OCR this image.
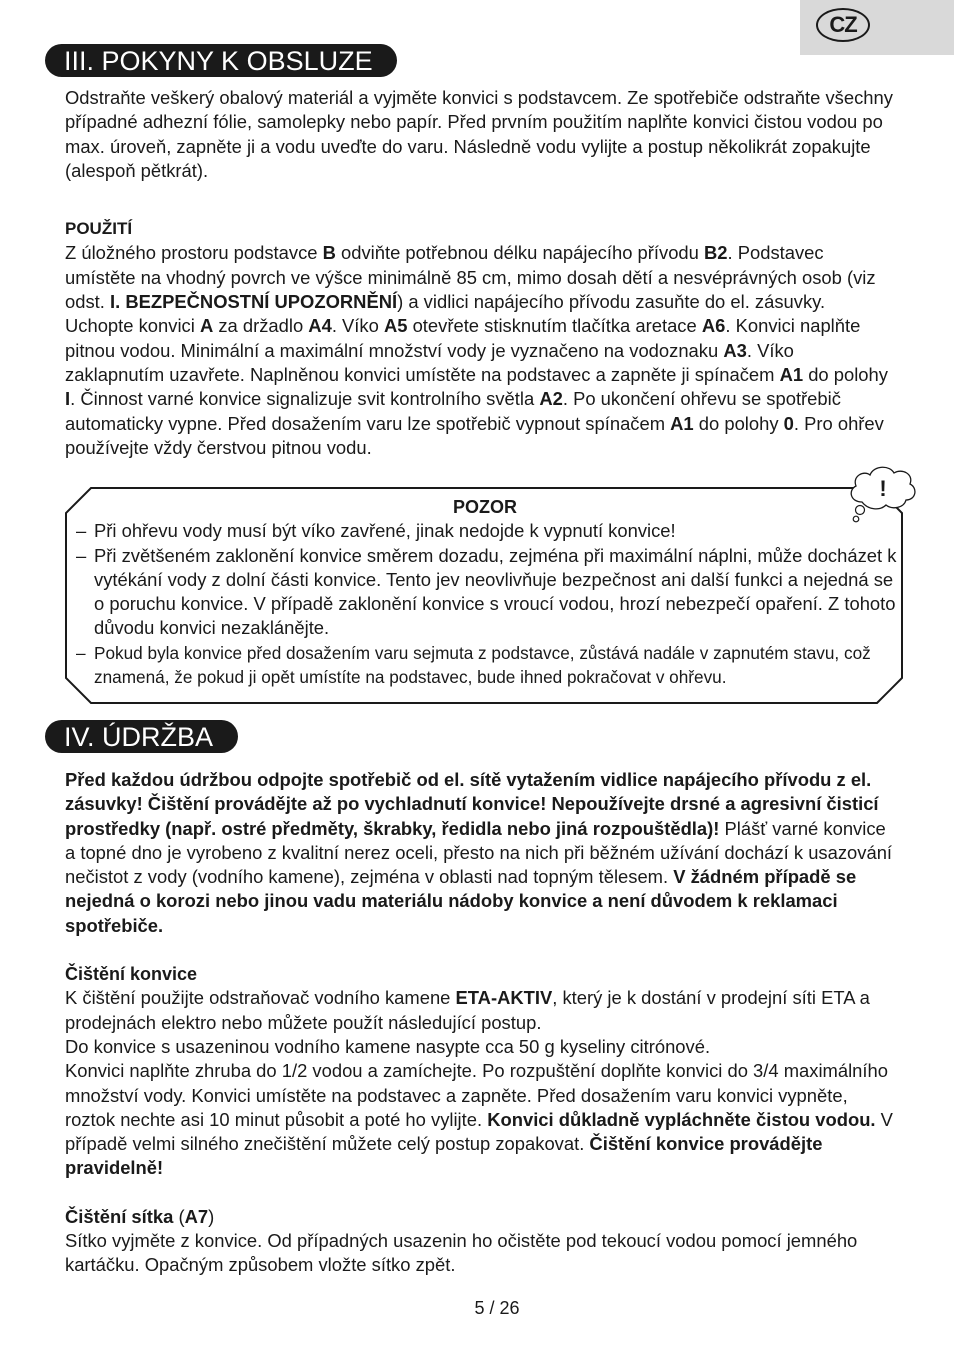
CZ
III. POKYNY K OBSLUZE

Odstraňte veškerý obalový materiál a vyjměte konvici s podstavcem. Ze spotřebiče odstraňte všechny případné adhezní fólie, samolepky nebo papír. Před prvním použitím naplňte konvici čistou vodou po max. úroveň, zapněte ji a vodu uveďte do varu. Následně vodu vylijte a postup několikrát zopakujte (alespoň pětkrát).

POUŽITÍ

Z úložného prostoru podstavce B odviňte potřebnou délku napájecího přívodu B2. Podstavec umístěte na vhodný povrch ve výšce minimálně 85 cm, mimo dosah dětí a nesvéprávných osob (viz odst. I. BEZPEČNOSTNÍ UPOZORNĚNÍ) a vidlici napájecího přívodu zasuňte do el. zásuvky. Uchopte konvici A za držadlo A4. Víko A5 otevřete stisknutím tlačítka aretace A6. Konvici naplňte pitnou vodou. Minimální a maximální množství vody je vyznačeno na vodoznaku A3. Víko zaklapnutím uzavřete. Naplněnou konvici umístěte na podstavec a zapněte ji spínačem A1 do polohy I. Činnost varné konvice signalizuje svit kontrolního světla A2. Po ukončení ohřevu se spotřebič automaticky vypne. Před dosažením varu lze spotřebič vypnout spínačem A1 do polohy 0. Pro ohřev používejte vždy čerstvou pitnou vodu.

POZOR
– Při ohřevu vody musí být víko zavřené, jinak nedojde k vypnutí konvice!
– Při zvětšeném zaklonění konvice směrem dozadu, zejména při maximální náplni, může docházet k vytékání vody z dolní části konvice. Tento jev neovlivňuje bezpečnost ani další funkci a nejedná se o poruchu konvice. V případě zaklonění konvice s vroucí vodou, hrozí nebezpečí opaření. Z tohoto důvodu konvici nezaklánějte.
– Pokud byla konvice před dosažením varu sejmuta z podstavce, zůstává nadále v zapnutém stavu, což znamená, že pokud ji opět umístíte na podstavec, bude ihned pokračovat v ohřevu.
!
IV. ÚDRŽBA

Před každou údržbou odpojte spotřebič od el. sítě vytažením vidlice napájecího přívodu z el. zásuvky! Čištění provádějte až po vychladnutí konvice! Nepoužívejte drsné a agresivní čisticí prostředky (např. ostré předměty, škrabky, ředidla nebo jiná rozpouštědla)! Plášť varné konvice a topné dno je vyrobeno z kvalitní nerez oceli, přesto na nich při běžném užívání dochází k usazování nečistot z vody (vodního kamene), zejména v oblasti nad topným tělesem. V žádném případě se nejedná o korozi nebo jinou vadu materiálu nádoby konvice a není důvodem k reklamaci spotřebiče.

Čištění konvice

K čištění použijte odstraňovač vodního kamene ETA-AKTIV, který je k dostání v prodejní síti ETA a prodejnách elektro nebo můžete použít následující postup.

Do konvice s usazeninou vodního kamene nasypte cca 50 g kyseliny citrónové.

Konvici naplňte zhruba do 1/2 vodou a zamíchejte. Po rozpuštění doplňte konvici do 3/4 maximálního množství vody. Konvici umístěte na podstavec a zapněte. Před dosažením varu konvici vypněte, roztok nechte asi 10 minut působit a poté ho vylijte. Konvici důkladně vypláchněte čistou vodou. V případě velmi silného znečištění můžete celý postup zopakovat. Čištění konvice provádějte pravidelně!

Čištění sítka (A7)

Sítko vyjměte z konvice. Od případných usazenin ho očistěte pod tekoucí vodou pomocí jemného kartáčku. Opačným způsobem vložte sítko zpět.

5 / 26
